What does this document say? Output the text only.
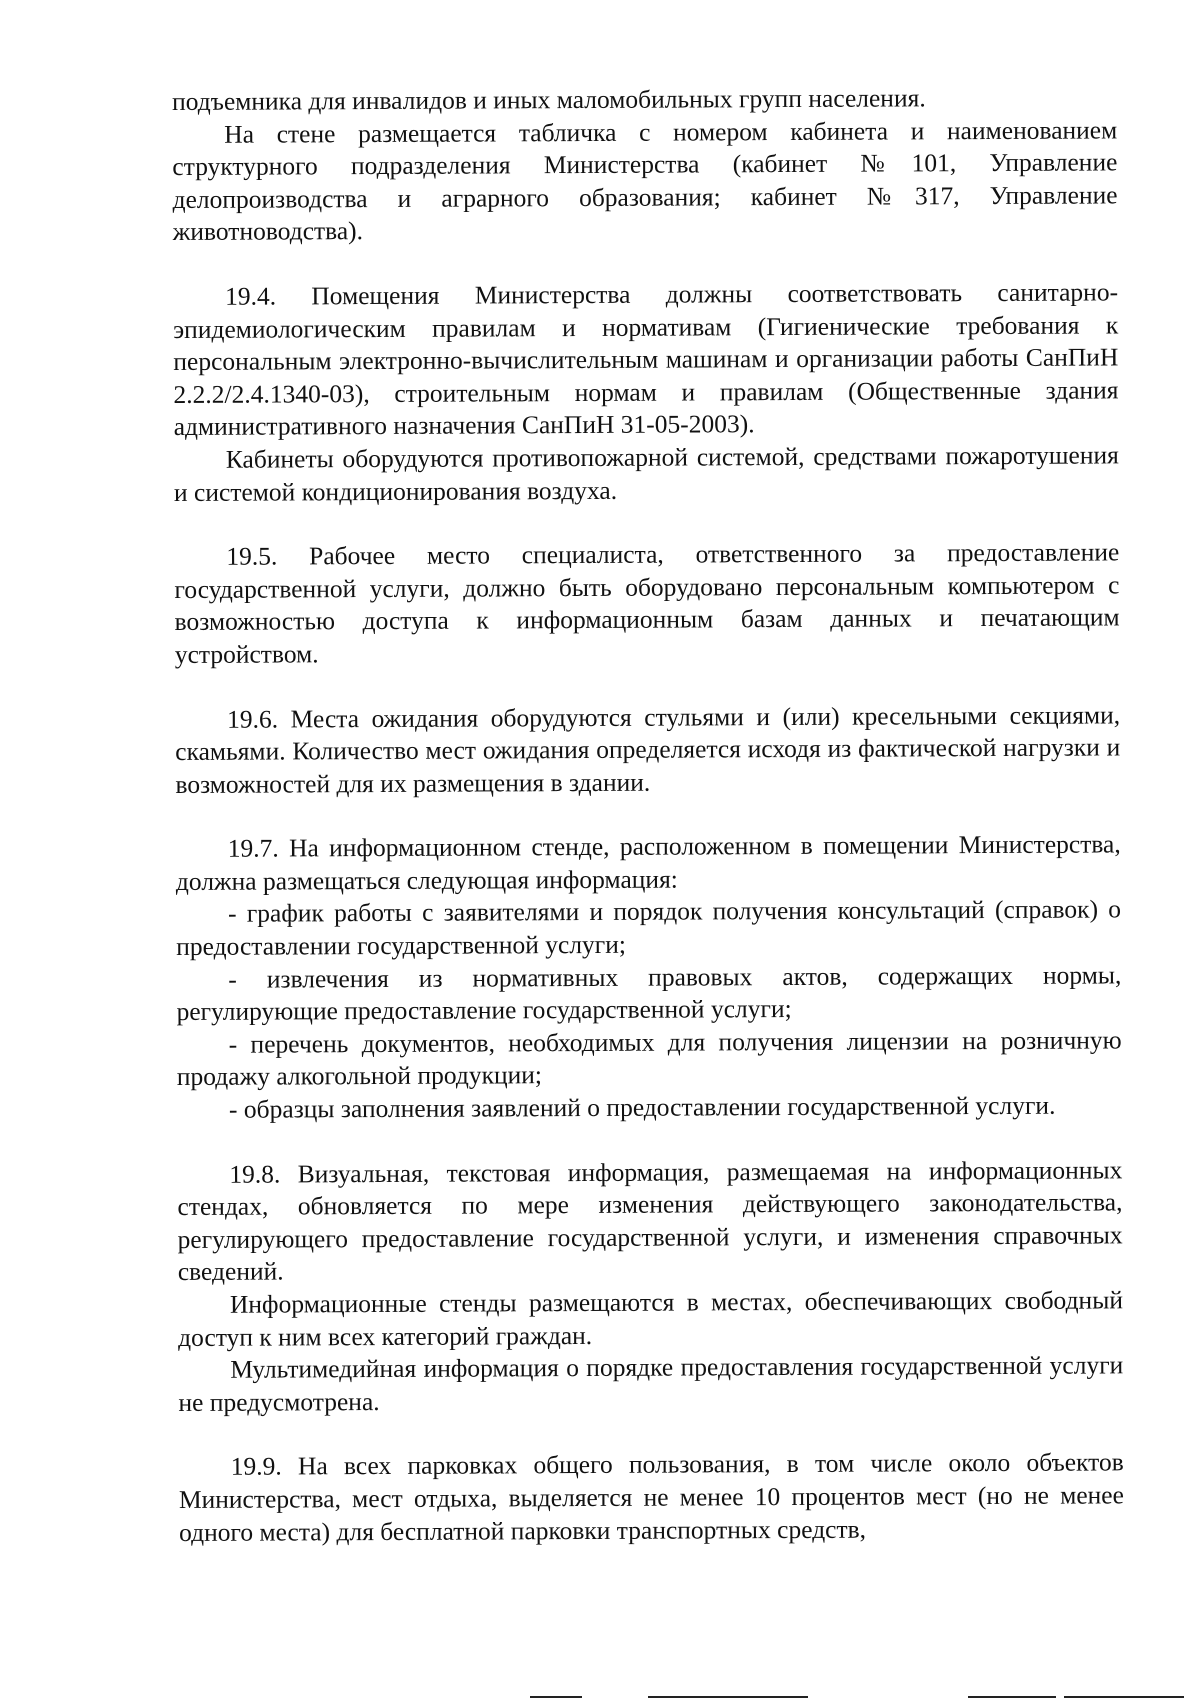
подъемника для инвалидов и иных маломобильных групп населения.

На стене размещается табличка с номером кабинета и наименованием структурного подразделения Министерства (кабинет №101, Управление делопроизводства и аграрного образования; кабинет №317, Управление животноводства).

19.4. Помещения Министерства должны соответствовать санитарно-эпидемиологическим правилам и нормативам (Гигиенические требования к персональным электронно-вычислительным машинам и организации работы СанПиН 2.2.2/2.4.1340-03), строительным нормам и правилам (Общественные здания административного назначения СанПиН 31-05-2003).

Кабинеты оборудуются противопожарной системой, средствами пожаротушения и системой кондиционирования воздуха.

19.5. Рабочее место специалиста, ответственного за предоставление государственной услуги, должно быть оборудовано персональным компьютером с возможностью доступа к информационным базам данных и печатающим устройством.

19.6. Места ожидания оборудуются стульями и (или) кресельными секциями, скамьями. Количество мест ожидания определяется исходя из фактической нагрузки и возможностей для их размещения в здании.

19.7. На информационном стенде, расположенном в помещении Министерства, должна размещаться следующая информация:

- график работы с заявителями и порядок получения консультаций (справок) о предоставлении государственной услуги;

- извлечения из нормативных правовых актов, содержащих нормы, регулирующие предоставление государственной услуги;

- перечень документов, необходимых для получения лицензии на розничную продажу алкогольной продукции;

- образцы заполнения заявлений о предоставлении государственной услуги.

19.8. Визуальная, текстовая информация, размещаемая на информационных стендах, обновляется по мере изменения действующего законодательства, регулирующего предоставление государственной услуги, и изменения справочных сведений.

Информационные стенды размещаются в местах, обеспечивающих свободный доступ к ним всех категорий граждан.

Мультимедийная информация о порядке предоставления государственной услуги не предусмотрена.

19.9. На всех парковках общего пользования, в том числе около объектов Министерства, мест отдыха, выделяется не менее 10 процентов мест (но не менее одного места) для бесплатной парковки транспортных средств,
